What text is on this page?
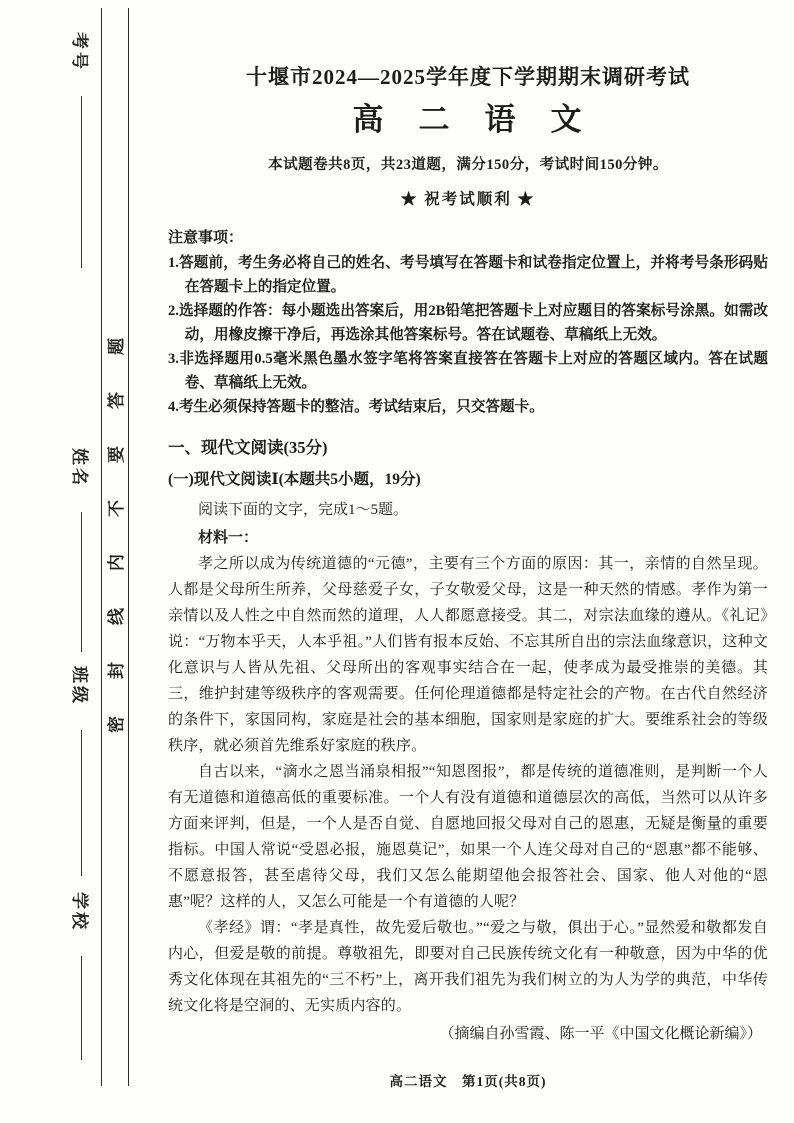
考号
姓名
班级
学校
题
答
要
不
内
线
封
密
十堰市2024—2025学年度下学期期末调研考试
高　二　语　文
本试题卷共8页，共23道题，满分150分，考试时间150分钟。
★ 祝考试顺利 ★
注意事项：
1.答题前，考生务必将自己的姓名、考号填写在答题卡和试卷指定位置上，并将考号条形码贴在答题卡上的指定位置。
2.选择题的作答：每小题选出答案后，用2B铅笔把答题卡上对应题目的答案标号涂黑。如需改动，用橡皮擦干净后，再选涂其他答案标号。答在试题卷、草稿纸上无效。
3.非选择题用0.5毫米黑色墨水签字笔将答案直接答在答题卡上对应的答题区域内。答在试题卷、草稿纸上无效。
4.考生必须保持答题卡的整洁。考试结束后，只交答题卡。
一、现代文阅读(35分)
(一)现代文阅读Ⅰ(本题共5小题，19分)
阅读下面的文字，完成1～5题。
材料一：

孝之所以成为传统道德的“元德”，主要有三个方面的原因：其一，亲情的自然呈现。人都是父母所生所养，父母慈爱子女，子女敬爱父母，这是一种天然的情感。孝作为第一亲情以及人性之中自然而然的道理，人人都愿意接受。其二，对宗法血缘的遵从。《礼记》说：“万物本乎天，人本乎祖。”人们皆有报本反始、不忘其所自出的宗法血缘意识，这种文化意识与人皆从先祖、父母所出的客观事实结合在一起，使孝成为最受推崇的美德。其三，维护封建等级秩序的客观需要。任何伦理道德都是特定社会的产物。在古代自然经济的条件下，家国同构，家庭是社会的基本细胞，国家则是家庭的扩大。要维系社会的等级秩序，就必须首先维系好家庭的秩序。

自古以来，“滴水之恩当涌泉相报”“知恩图报”，都是传统的道德准则，是判断一个人有无道德和道德高低的重要标准。一个人有没有道德和道德层次的高低，当然可以从许多方面来评判，但是，一个人是否自觉、自愿地回报父母对自己的恩惠，无疑是衡量的重要指标。中国人常说“受恩必报，施恩莫记”，如果一个人连父母对自己的“恩惠”都不能够、不愿意报答，甚至虐待父母，我们又怎么能期望他会报答社会、国家、他人对他的“恩惠”呢？这样的人，又怎么可能是一个有道德的人呢？

《孝经》谓：“孝是真性，故先爱后敬也。”“爱之与敬，俱出于心。”显然爱和敬都发自内心，但爱是敬的前提。尊敬祖先，即要对自己民族传统文化有一种敬意，因为中华的优秀文化体现在其祖先的“三不朽”上，离开我们祖先为我们树立的为人为学的典范，中华传统文化将是空洞的、无实质内容的。

（摘编自孙雪霞、陈一平《中国文化概论新编》）
高二语文　第1页(共8页)
